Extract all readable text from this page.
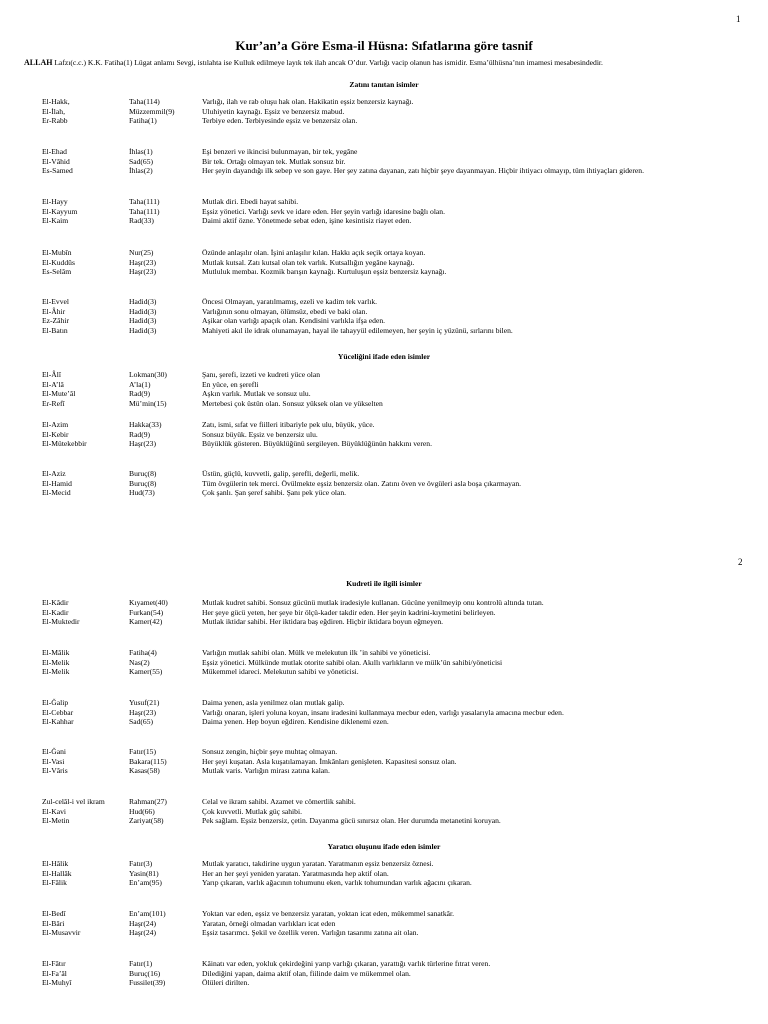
1
Kur’an’a Göre Esma-il Hüsna: Sıfatlarına göre tasnif
ALLAH Lafzı(c.c.) K.K. Fatiha(1) Lügat anlamı Sevgi, istılahta ise Kulluk edilmeye layık tek ilah ancak O’dur. Varlığı vacip olanun has ismidir. Esma’ülhüsna’nın imamesi mesabesindedir.
Zatını tanıtan isimler
Yüceliğini ifade eden isimler
2
Kudreti ile ilgili isimler
Yaratıcı oluşunu ifade eden isimler
El-Hakk,	Taha(114)	Varlığı, ilah ve rab oluşu hak olan. Hakikatin eşsiz benzersiz kaynağı.
El-İlah,	Müzzemmil(9)	Uluhiyetin kaynağı. Eşsiz ve benzersiz mabud.
Er-Rabb	Fatiha(1)	Terbiye eden. Terbiyesinde eşsiz ve benzersiz olan.
El-Ehad	İhlas(1)	Eşi benzeri ve ikincisi bulunmayan, bir tek, yegâne
El-Vâhid	Sad(65)	Bir tek. Ortağı olmayan tek. Mutlak sonsuz bir.
Es-Samed	İhlas(2)	Her şeyin dayandığı ilk sebep ve son gaye. Her şey zatına dayanan, zatı hiçbir şeye dayanmayan. Hiçbir ihtiyacı olmayıp, tüm ihtiyaçları gideren.
El-Hayy	Taha(111)	Mutlak diri. Ebedi hayat sahibi.
El-Kayyum	Taha(111)	Eşsiz yönetici. Varlığı sevk ve idare eden. Her şeyin varlığı idaresine bağlı olan.
El-Kaim	Rad(33)	Daimi aktif özne. Yönetmede sebat eden, işine kesintisiz riayet eden.
El-Mubîn	Nur(25)	Özünde anlaşılır olan. İşini anlaşılır kılan. Hakkı açık seçik ortaya koyan.
El-Kuddûs	Haşr(23)	Mutlak kutsal. Zatı kutsal olan tek varlık. Kutsallığın yegâne kaynağı.
Es-Selâm	Haşr(23)	Mutluluk membaı. Kozmik barışın kaynağı. Kurtuluşun eşsiz benzersiz kaynağı.
El-Evvel	Hadid(3)	Öncesi Olmayan, yaratılmamış, ezeli ve kadim tek varlık.
El-Âhir	Hadid(3)	Varlığının sonu olmayan, ölümsüz, ebedi ve baki olan.
Ez-Zâhir	Hadid(3)	Aşikar olan varlığı apaçık olan. Kendisini varlıkla ifşa eden.
El-Batın	Hadid(3)	Mahiyeti akıl ile idrak olunamayan, hayal ile tahayyül edilemeyen, her şeyin iç yüzünü, sırlarını bilen.
El-Âlî	Lokman(30)	Şanı, şerefi, izzeti ve kudreti yüce olan
El-A’lâ	A’la(1)	En yüce, en şerefli
El-Mute’âl	Rad(9)	Aşkın varlık. Mutlak ve sonsuz ulu.
Er-Refî	Mü’min(15)	Mertebesi çok üstün olan. Sonsuz yüksek olan ve yükselten
El-Azim	Hakka(33)	Zatı, ismi, sıfat ve fiilleri itibariyle pek ulu, büyük, yüce.
El-Kebir	Rad(9)	Sonsuz büyük. Eşsiz ve benzersiz ulu.
El-Mütekebbir	Haşr(23)	Büyüklük gösteren. Büyüklüğünü sergileyen. Büyüklüğünün hakkını veren.
El-Aziz	Buruç(8)	Üstün, güçlü, kuvvetli, galip, şerefli, değerli, melik.
El-Hamid	Buruç(8)	Tüm övgülerin tek merci. Övülmekte eşsiz benzersiz olan. Zatını öven ve övgüleri asla boşa çıkarmayan.
El-Mecid	Hud(73)	Çok şanlı. Şan şeref sahibi. Şanı pek yüce olan.
El-Kâdir	Kıyamet(40)	Mutlak kudret sahibi. Sonsuz gücünü mutlak iradesiyle kullanan. Gücüne yenilmeyip onu kontrolü altında tutan.
El-Kadir	Furkan(54)	Her şeye gücü yeten, her şeye bir ölçü-kader takdir eden. Her şeyin kadrini-kıymetini belirleyen.
El-Muktedir	Kamer(42)	Mutlak iktidar sahibi. Her iktidara baş eğdiren. Hiçbir iktidara boyun eğmeyen.
El-Mâlik	Fatiha(4)	Varlığın mutlak sahibi olan. Mülk ve melekutun ilk ’in sahibi ve yöneticisi.
El-Melik	Nas(2)	Eşsiz yönetici. Mülkünde mutlak otorite sahibi olan. Akıllı varlıkların ve mülk’ün sahibi/yöneticisi
El-Melik	Kamer(55)	Mükemmel idareci. Melekutun sahibi ve yöneticisi.
El-Ğalip	Yusuf(21)	Daima yenen, asla yenilmez olan mutlak galip.
El-Cebbar	Haşr(23)	Varlığı onaran, işleri yoluna koyan, insanı iradesini kullanmaya mecbur eden, varlığı yasalarıyla amacına mecbur eden.
El-Kahhar	Sad(65)	Daima yenen. Hep boyun eğdiren. Kendisine diklenemi ezen.
El-Ğani	Fatır(15)	Sonsuz zengin, hiçbir şeye muhtaç olmayan.
El-Vasi	Bakara(115)	Her şeyi kuşatan. Asla kuşatılamayan. İmkânları genişleten. Kapasitesi sonsuz olan.
El-Vâris	Kasas(58)	Mutlak varis. Varlığın mirası zatına kalan.
Zul-celâl-i vel ikram	Rahman(27)	Celal ve ikram sahibi. Azamet ve cömertlik sahibi.
El-Kavi	Hud(66)	Çok kuvvetli. Mutlak güç sahibi.
El-Metin	Zariyat(58)	Pek sağlam. Eşsiz benzersiz, çetin. Dayanma gücü sınırsız olan. Her durumda metanetini koruyan.
El-Hâlik	Fatır(3)	Mutlak yaratıcı, takdirine uygun yaratan. Yaratmanın eşsiz benzersiz öznesi.
El-Hallâk	Yasin(81)	Her an her şeyi yeniden yaratan. Yaratmasında hep aktif olan.
El-Fâlik	En’am(95)	Yarıp çıkaran, varlık ağacının tohumunu eken, varlık tohumundan varlık ağacını çıkaran.
El-Bedî	En’am(101)	Yoktan var eden, eşsiz ve benzersiz yaratan, yoktan icat eden, mükemmel sanatkâr.
El-Bâri	Haşr(24)	Yaratan, örneği olmadan varlıkları icat eden
El-Musavvir	Haşr(24)	Eşsiz tasarımcı. Şekil ve özellik veren. Varlığın tasarımı zatına ait olan.
El-Fâtır	Fatır(1)	Kâinatı var eden, yokluk çekirdeğini yarıp varlığı çıkaran, yarattığı varlık türlerine fıtrat veren.
El-Fa’âl	Buruç(16)	Dilediğini yapan, daima aktif olan, fiilinde daim ve mükemmel olan.
El-Muhyî	Fussilet(39)	Ölüleri dirilten.
